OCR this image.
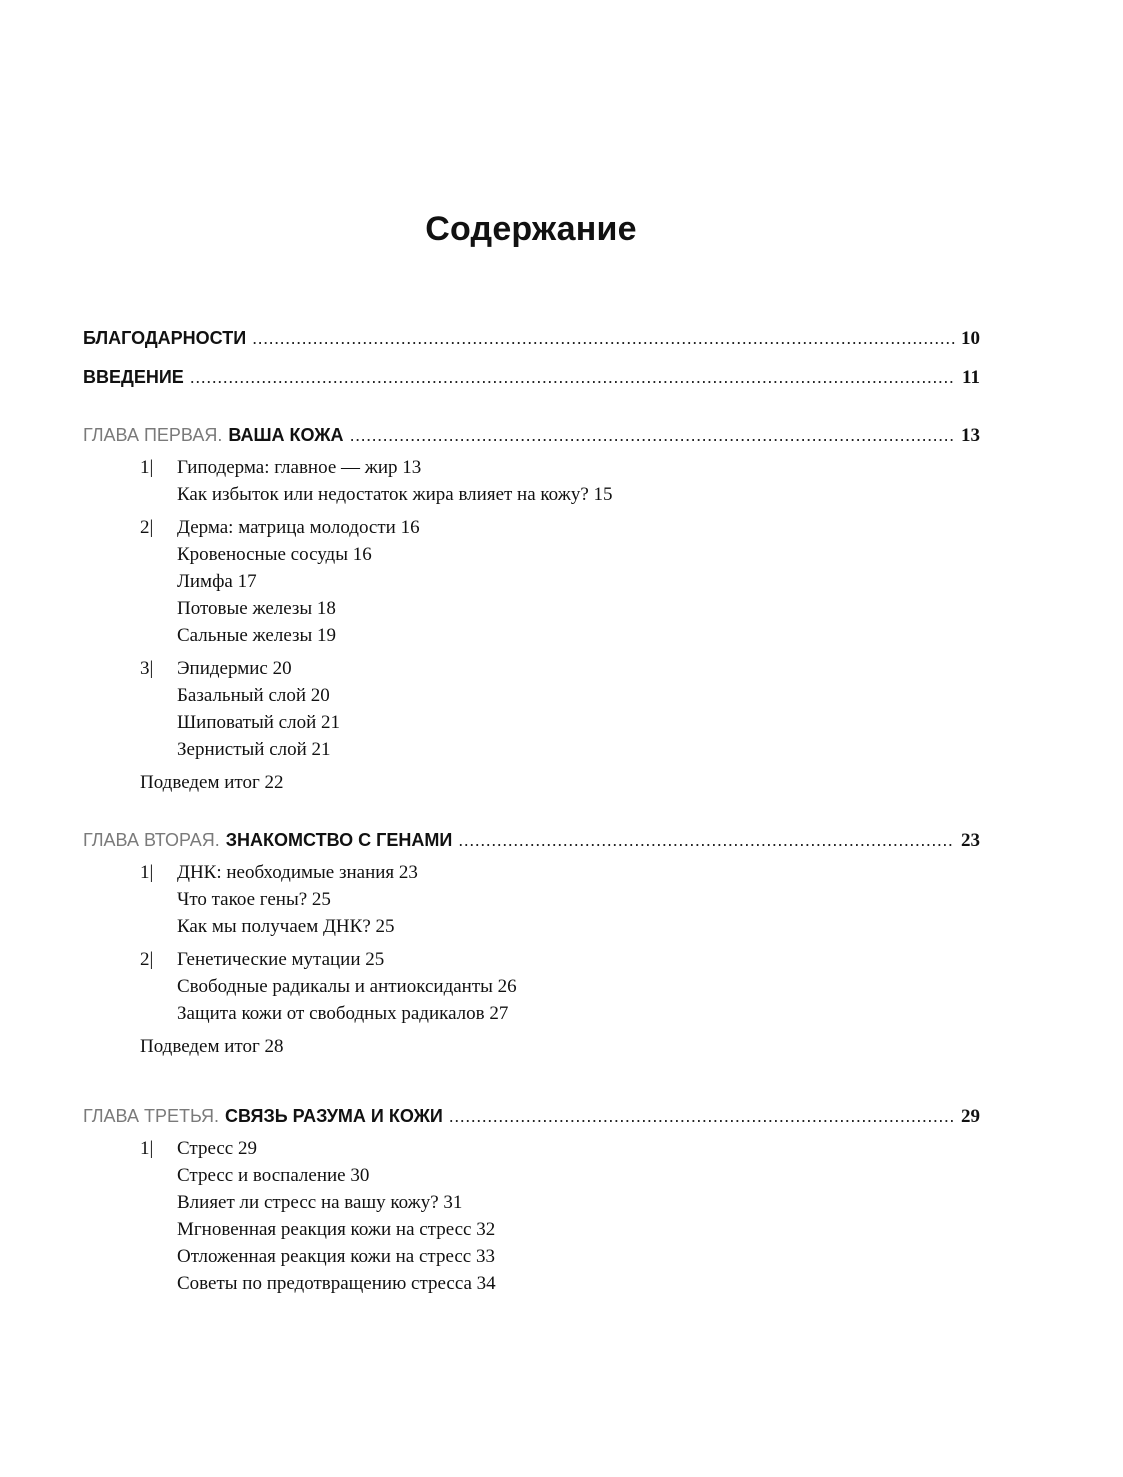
Содержание
БЛАГОДАРНОСТИ .....	10
ВВЕДЕНИЕ .....	11
ГЛАВА ПЕРВАЯ. ВАША КОЖА .....	13
1| Гиподерма: главное — жир 13
Как избыток или недостаток жира влияет на кожу? 15
2| Дерма: матрица молодости 16
Кровеносные сосуды 16
Лимфа 17
Потовые железы 18
Сальные железы 19
3| Эпидермис 20
Базальный слой 20
Шиповатый слой 21
Зернистый слой 21
Подведем итог 22
ГЛАВА ВТОРАЯ. ЗНАКОМСТВО С ГЕНАМИ .....	23
1| ДНК: необходимые знания 23
Что такое гены? 25
Как мы получаем ДНК? 25
2| Генетические мутации 25
Свободные радикалы и антиоксиданты 26
Защита кожи от свободных радикалов 27
Подведем итог 28
ГЛАВА ТРЕТЬЯ. СВЯЗЬ РАЗУМА И КОЖИ .....	29
1| Стресс 29
Стресс и воспаление 30
Влияет ли стресс на вашу кожу? 31
Мгновенная реакция кожи на стресс 32
Отложенная реакция кожи на стресс 33
Советы по предотвращению стресса 34
